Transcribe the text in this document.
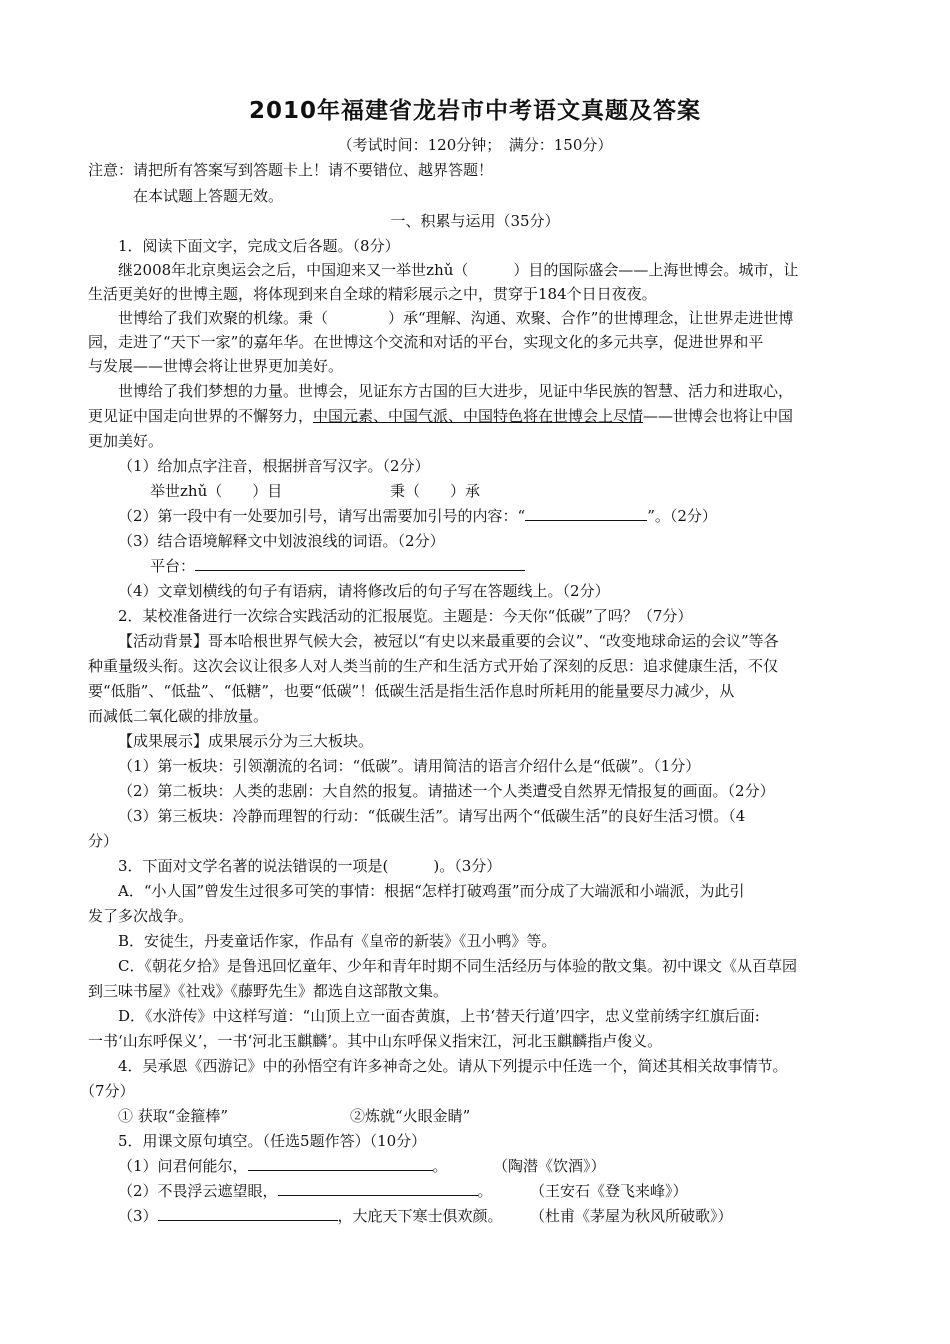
2010年福建省龙岩市中考语文真题及答案
（考试时间：120分钟；　满分：150分）
注意：请把所有答案写到答题卡上！请不要错位、越界答题！
在本试题上答题无效。
一、积累与运用（35分）
1．阅读下面文字，完成文后各题。（8分）
继2008年北京奥运会之后，中国迎来又一举世zhǔ（　　　）目的国际盛会——上海世博会。城市，让
生活更美好的世博主题，将体现到来自全球的精彩展示之中，贯穿于184个日日夜夜。
世博给了我们欢聚的机缘。秉（　　　　）承“理解、沟通、欢聚、合作”的世博理念，让世界走进世博
园，走进了“天下一家”的嘉年华。在世博这个交流和对话的平台，实现文化的多元共享，促进世界和平
与发展——世博会将让世界更加美好。
世博给了我们梦想的力量。世博会，见证东方古国的巨大进步，见证中华民族的智慧、活力和进取心，
更见证中国走向世界的不懈努力，中国元素、中国气派、中国特色将在世博会上尽情——世博会也将让中国
更加美好。
（1）给加点字注音，根据拼音写汉字。（2分）
举世zhǔ（　　）目	秉（　　）承
（2）第一段中有一处要加引号，请写出需要加引号的内容：“	”。（2分）
（3）结合语境解释文中划波浪线的词语。（2分）
平台：
（4）文章划横线的句子有语病，请将修改后的句子写在答题线上。（2分）
2．某校准备进行一次综合实践活动的汇报展览。主题是：今天你“低碳”了吗？（7分）
【活动背景】哥本哈根世界气候大会，被冠以“有史以来最重要的会议”、“改变地球命运的会议”等各
种重量级头衔。这次会议让很多人对人类当前的生产和生活方式开始了深刻的反思：追求健康生活，不仅
要“低脂”、“低盐”、“低糖”，也要“低碳”！低碳生活是指生活作息时所耗用的能量要尽力减少，从
而减低二氧化碳的排放量。
【成果展示】成果展示分为三大板块。
（1）第一板块：引领潮流的名词：“低碳”。请用简洁的语言介绍什么是“低碳”。（1分）
（2）第二板块：人类的悲剧：大自然的报复。请描述一个人类遭受自然界无情报复的画面。（2分）
（3）第三板块：冷静而理智的行动：“低碳生活”。请写出两个“低碳生活”的良好生活习惯。（4
分）
3．下面对文学名著的说法错误的一项是(　　　)。（3分）
A．“小人国”曾发生过很多可笑的事情：根据“怎样打破鸡蛋”而分成了大端派和小端派，为此引
发了多次战争。
B．安徒生，丹麦童话作家，作品有《皇帝的新装》《丑小鸭》等。
C．《朝花夕拾》是鲁迅回忆童年、少年和青年时期不同生活经历与体验的散文集。初中课文《从百草园
到三味书屋》《社戏》《藤野先生》都选自这部散文集。
D．《水浒传》中这样写道：“山顶上立一面杏黄旗，上书‘替天行道’四字，忠义堂前绣字红旗后面:
一书‘山东呼保义’，一书‘河北玉麒麟’。其中山东呼保义指宋江，河北玉麒麟指卢俊义。
4．吴承恩《西游记》中的孙悟空有许多神奇之处。请从下列提示中任选一个，简述其相关故事情节。
（7分）
① 获取“金箍棒”	②炼就“火眼金睛”
5．用课文原句填空。（任选5题作答）（10分）
（1）问君何能尔，	。	（陶潜《饮酒》）
（2）不畏浮云遮望眼，	。 （王安石《登飞来峰》）
（3）	，大庇天下寒士俱欢颜。 （杜甫《茅屋为秋风所破歌》）
